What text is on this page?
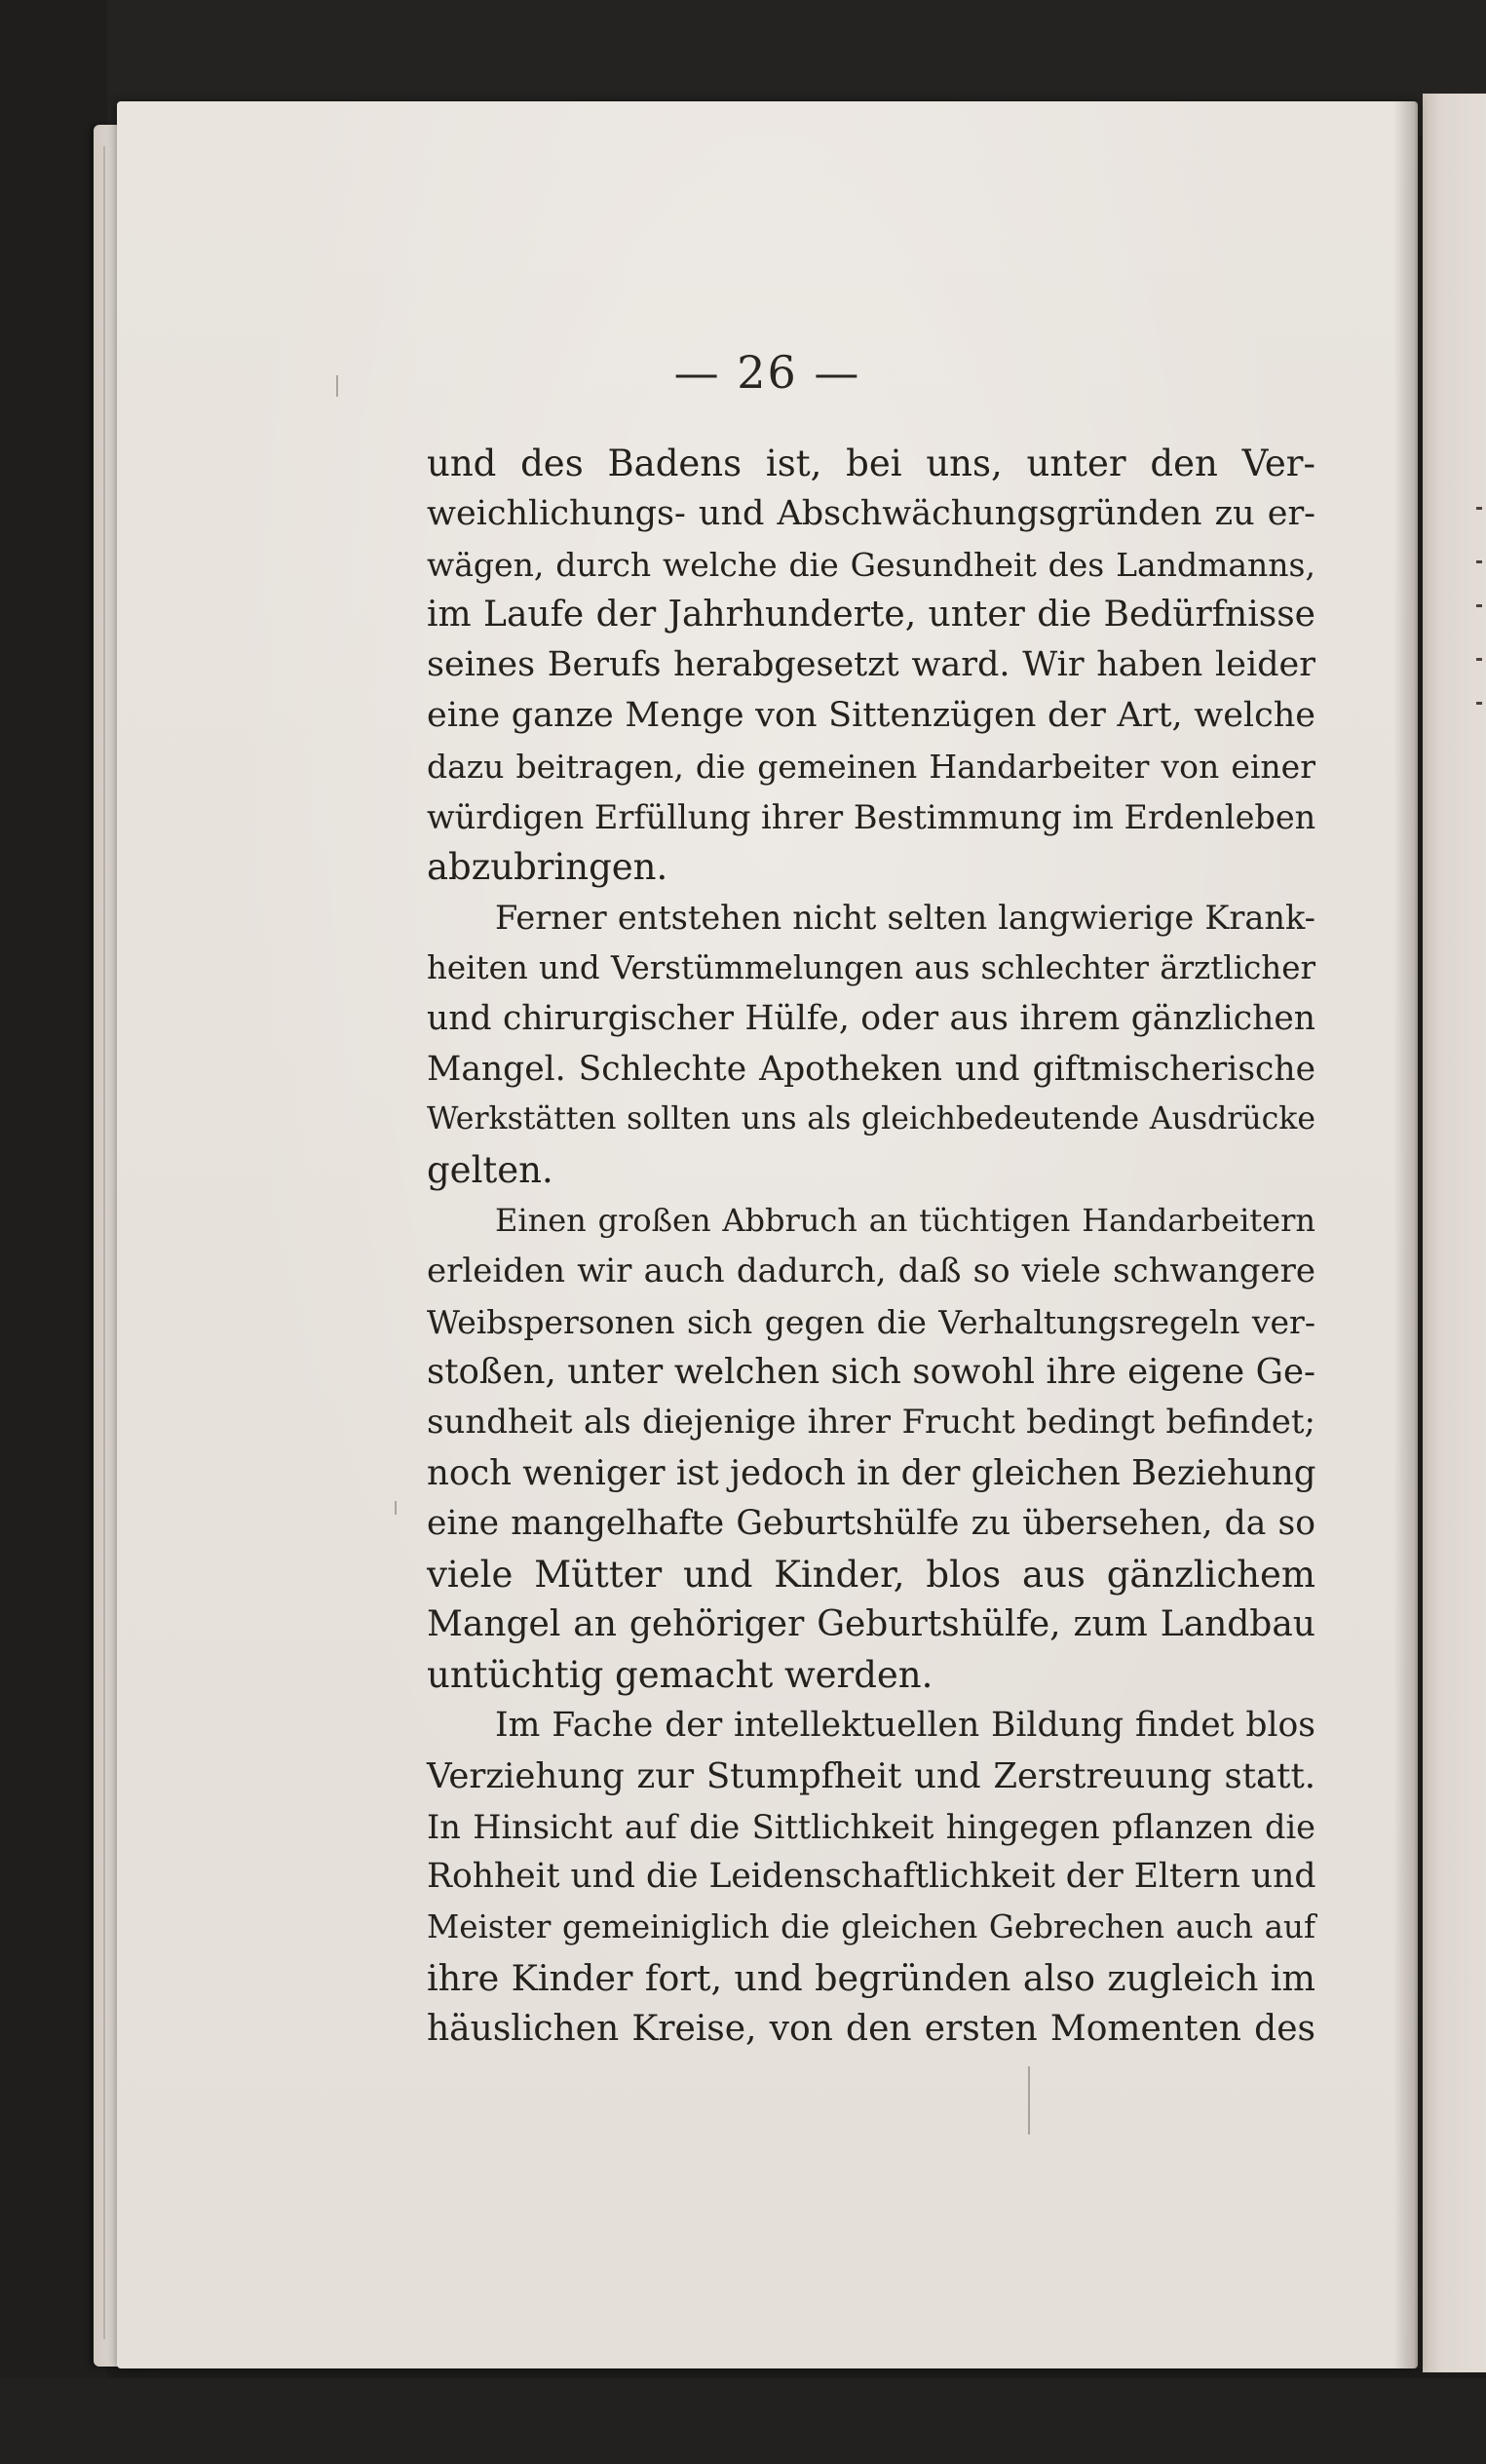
— 26 —
und des Badens ist, bei uns, unter den Ver-
weichlichungs- und Abschwächungsgründen zu er-
wägen, durch welche die Gesundheit des Landmanns,
im Laufe der Jahrhunderte, unter die Bedürfnisse
seines Berufs herabgesetzt ward. Wir haben leider
eine ganze Menge von Sittenzügen der Art, welche
dazu beitragen, die gemeinen Handarbeiter von einer
würdigen Erfüllung ihrer Bestimmung im Erdenleben
abzubringen.
Ferner entstehen nicht selten langwierige Krank-
heiten und Verstümmelungen aus schlechter ärztlicher
und chirurgischer Hülfe, oder aus ihrem gänzlichen
Mangel. Schlechte Apotheken und giftmischerische
Werkstätten sollten uns als gleichbedeutende Ausdrücke
gelten.
Einen großen Abbruch an tüchtigen Handarbeitern
erleiden wir auch dadurch, daß so viele schwangere
Weibspersonen sich gegen die Verhaltungsregeln ver-
stoßen, unter welchen sich sowohl ihre eigene Ge-
sundheit als diejenige ihrer Frucht bedingt befindet;
noch weniger ist jedoch in der gleichen Beziehung
eine mangelhafte Geburtshülfe zu übersehen, da so
viele Mütter und Kinder, blos aus gänzlichem
Mangel an gehöriger Geburtshülfe, zum Landbau
untüchtig gemacht werden.
Im Fache der intellektuellen Bildung findet blos
Verziehung zur Stumpfheit und Zerstreuung statt.
In Hinsicht auf die Sittlichkeit hingegen pflanzen die
Rohheit und die Leidenschaftlichkeit der Eltern und
Meister gemeiniglich die gleichen Gebrechen auch auf
ihre Kinder fort, und begründen also zugleich im
häuslichen Kreise, von den ersten Momenten des
